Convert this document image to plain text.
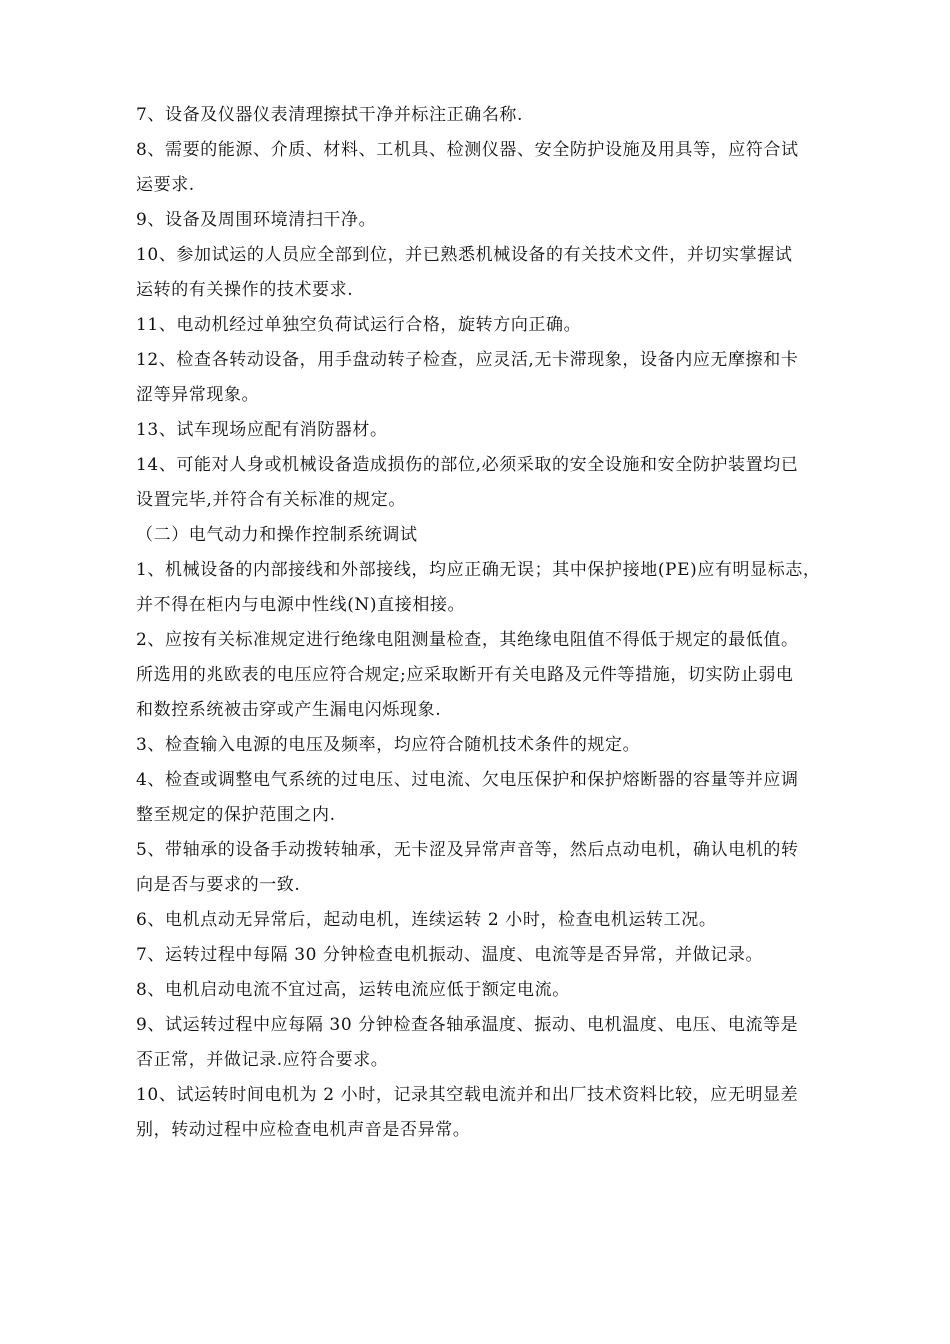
7、设备及仪器仪表清理擦拭干净并标注正确名称.

8、需要的能源、介质、材料、工机具、检测仪器、安全防护设施及用具等，应符合试
运要求.

9、设备及周围环境清扫干净。

10、参加试运的人员应全部到位，并已熟悉机械设备的有关技术文件，并切实掌握试
运转的有关操作的技术要求.

11、电动机经过单独空负荷试运行合格，旋转方向正确。

12、检查各转动设备，用手盘动转子检查，应灵活,无卡滞现象，设备内应无摩擦和卡
涩等异常现象。

13、试车现场应配有消防器材。

14、可能对人身或机械设备造成损伤的部位,必须采取的安全设施和安全防护装置均已
设置完毕,并符合有关标准的规定。

（二）电气动力和操作控制系统调试

1、机械设备的内部接线和外部接线，均应正确无误；其中保护接地(PE)应有明显标志，
并不得在柜内与电源中性线(N)直接相接。

2、应按有关标准规定进行绝缘电阻测量检查，其绝缘电阻值不得低于规定的最低值。
所选用的兆欧表的电压应符合规定;应采取断开有关电路及元件等措施，切实防止弱电
和数控系统被击穿或产生漏电闪烁现象.

3、检查输入电源的电压及频率，均应符合随机技术条件的规定。

4、检查或调整电气系统的过电压、过电流、欠电压保护和保护熔断器的容量等并应调
整至规定的保护范围之内.

5、带轴承的设备手动拨转轴承，无卡涩及异常声音等，然后点动电机，确认电机的转
向是否与要求的一致.

6、电机点动无异常后，起动电机，连续运转 2 小时，检查电机运转工况。

7、运转过程中每隔 30 分钟检查电机振动、温度、电流等是否异常，并做记录。

8、电机启动电流不宜过高，运转电流应低于额定电流。

9、试运转过程中应每隔 30 分钟检查各轴承温度、振动、电机温度、电压、电流等是
否正常，并做记录.应符合要求。

10、试运转时间电机为 2 小时，记录其空载电流并和出厂技术资料比较，应无明显差
别，转动过程中应检查电机声音是否异常。
